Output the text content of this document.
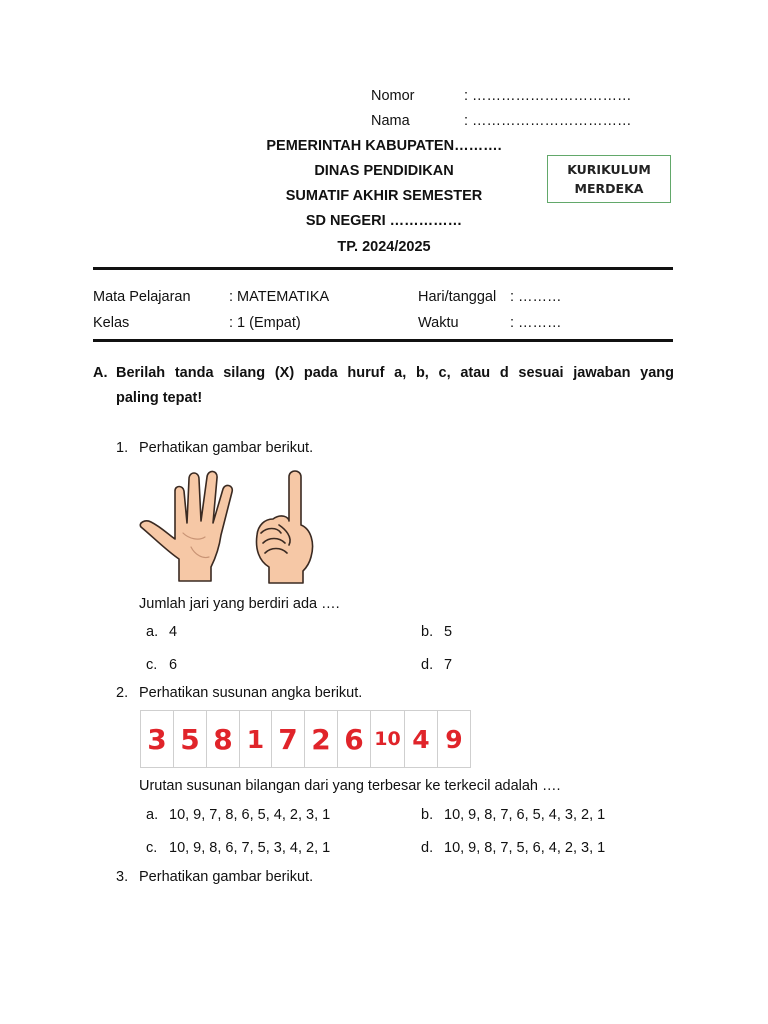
Nomor	: ……………………………
Nama	: ……………………………
PEMERINTAH KABUPATEN……….
DINAS PENDIDIKAN
SUMATIF AKHIR SEMESTER
SD NEGERI ……………
TP. 2024/2025
KURIKULUM
MERDEKA
Mata Pelajaran	: MATEMATIKA	Hari/tanggal : ………
Kelas	: 1 (Empat)	Waktu	: ………
A. Berilah tanda silang (X) pada huruf a, b, c, atau d sesuai jawaban yang
paling tepat!
1. Perhatikan gambar berikut.
Jumlah jari yang berdiri ada ….
a. 4	b. 5
c. 6	d. 7
2. Perhatikan susunan angka berikut.
3 5 8 1 7 2 6 10 4 9
Urutan susunan bilangan dari yang terbesar ke terkecil adalah ….
a. 10, 9, 7, 8, 6, 5, 4, 2, 3, 1	b. 10, 9, 8, 7, 6, 5, 4, 3, 2, 1
c. 10, 9, 8, 6, 7, 5, 3, 4, 2, 1	d. 10, 9, 8, 7, 5, 6, 4, 2, 3, 1
3. Perhatikan gambar berikut.
